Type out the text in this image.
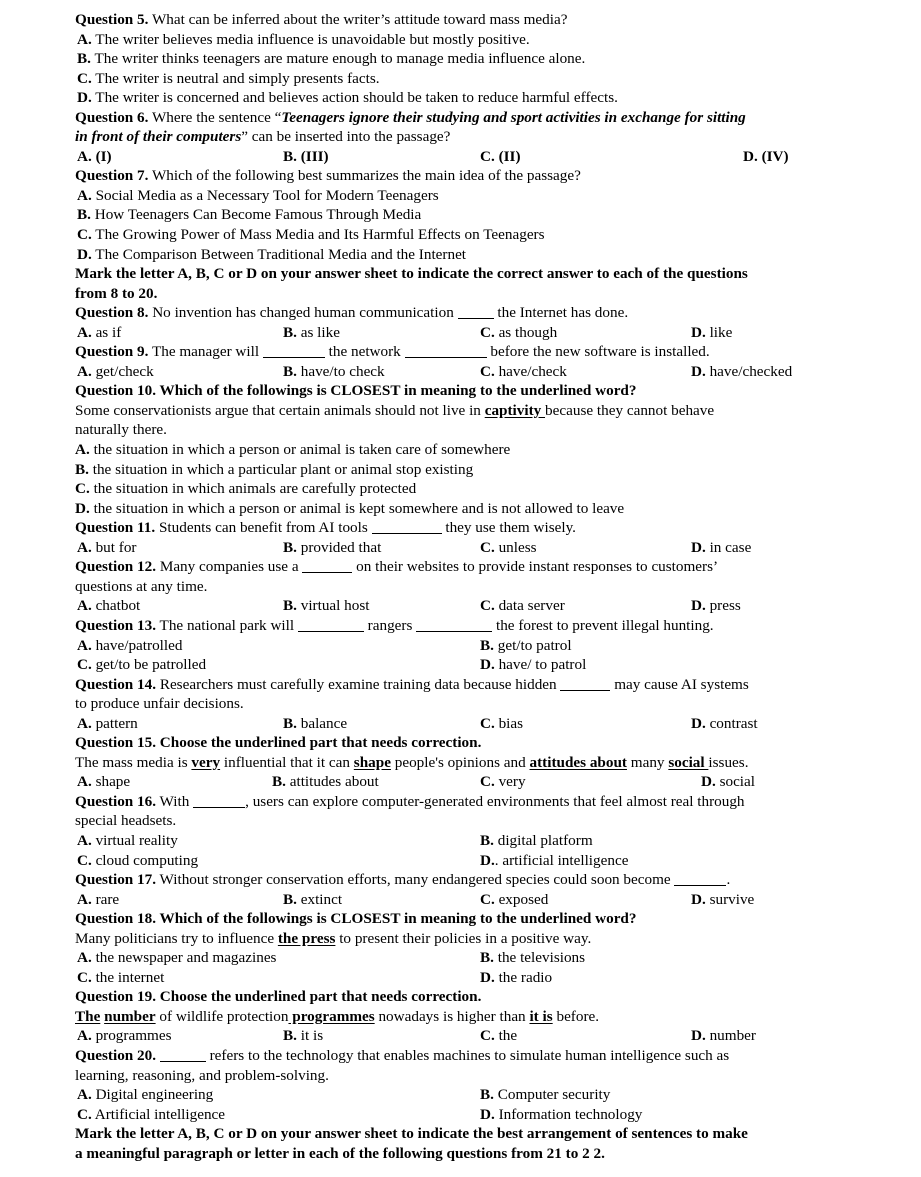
Question 5. What can be inferred about the writer’s attitude toward mass media?
A. The writer believes media influence is unavoidable but mostly positive.
B. The writer thinks teenagers are mature enough to manage media influence alone.
C. The writer is neutral and simply presents facts.
D. The writer is concerned and believes action should be taken to reduce harmful effects.
Question 6. Where the sentence “Teenagers ignore their studying and sport activities in exchange for sitting
in front of their computers” can be inserted into the passage?
A. (I)	B. (III)	C. (II)	D. (IV)
Question 7. Which of the following best summarizes the main idea of the passage?
A. Social Media as a Necessary Tool for Modern Teenagers
B. How Teenagers Can Become Famous Through Media
C. The Growing Power of Mass Media and Its Harmful Effects on Teenagers
D. The Comparison Between Traditional Media and the Internet
Mark the letter A, B, C or D on your answer sheet to indicate the correct answer to each of the questions
from 8 to 20.
Question 8. No invention has changed human communication  the Internet has done.
A. as if	B. as like	C. as though	D. like
Question 9. The manager will	the network	before the new software is installed.
A. get/check	B. have/to check	C. have/check	D. have/checked
Question 10. Which of the followings is CLOSEST in meaning to the underlined word?
Some conservationists argue that certain animals should not live in captivity because they cannot behave
naturally there.
A. the situation in which a person or animal is taken care of somewhere
B. the situation in which a particular plant or animal stop existing
C. the situation in which animals are carefully protected
D. the situation in which a person or animal is kept somewhere and is not allowed to leave
Question 11. Students can benefit from AI tools	they use them wisely.
A. but for	B. provided that	C. unless	D. in case
Question 12. Many companies use a	on their websites to provide instant responses to customers’
questions at any time.
A. chatbot	B. virtual host	C. data server	D. press
Question 13. The national park will	rangers	the forest to prevent illegal hunting.
A. have/patrolled	B. get/to patrol
C. get/to be patrolled	D. have/ to patrol
Question 14. Researchers must carefully examine training data because hidden	may cause AI systems
to produce unfair decisions.
A. pattern	B. balance	C. bias	D. contrast
Question 15. Choose the underlined part that needs correction.
The mass media is very influential that it can shape people's opinions and attitudes about many social issues.
A. shape	B. attitudes about	C. very	D. social
Question 16. With	, users can explore computer-generated environments that feel almost real through
special headsets.
A. virtual reality	B. digital platform
C. cloud computing	D.. artificial intelligence
Question 17. Without stronger conservation efforts, many endangered species could soon become	.
A. rare	B. extinct	C. exposed	D. survive
Question 18. Which of the followings is CLOSEST in meaning to the underlined word?
Many politicians try to influence the press to present their policies in a positive way.
A. the newspaper and magazines	B. the televisions
C. the internet	D. the radio
Question 19. Choose the underlined part that needs correction.
The number of wildlife protection programmes nowadays is higher than it is before.
A. programmes	B. it is	C. the	D. number
Question 20.	refers to the technology that enables machines to simulate human intelligence such as
learning, reasoning, and problem-solving.
A. Digital engineering	B. Computer security
C. Artificial intelligence	D. Information technology
Mark the letter A, B, C or D on your answer sheet to indicate the best arrangement of sentences to make
a meaningful paragraph or letter in each of the following questions from 21 to 2 2.
